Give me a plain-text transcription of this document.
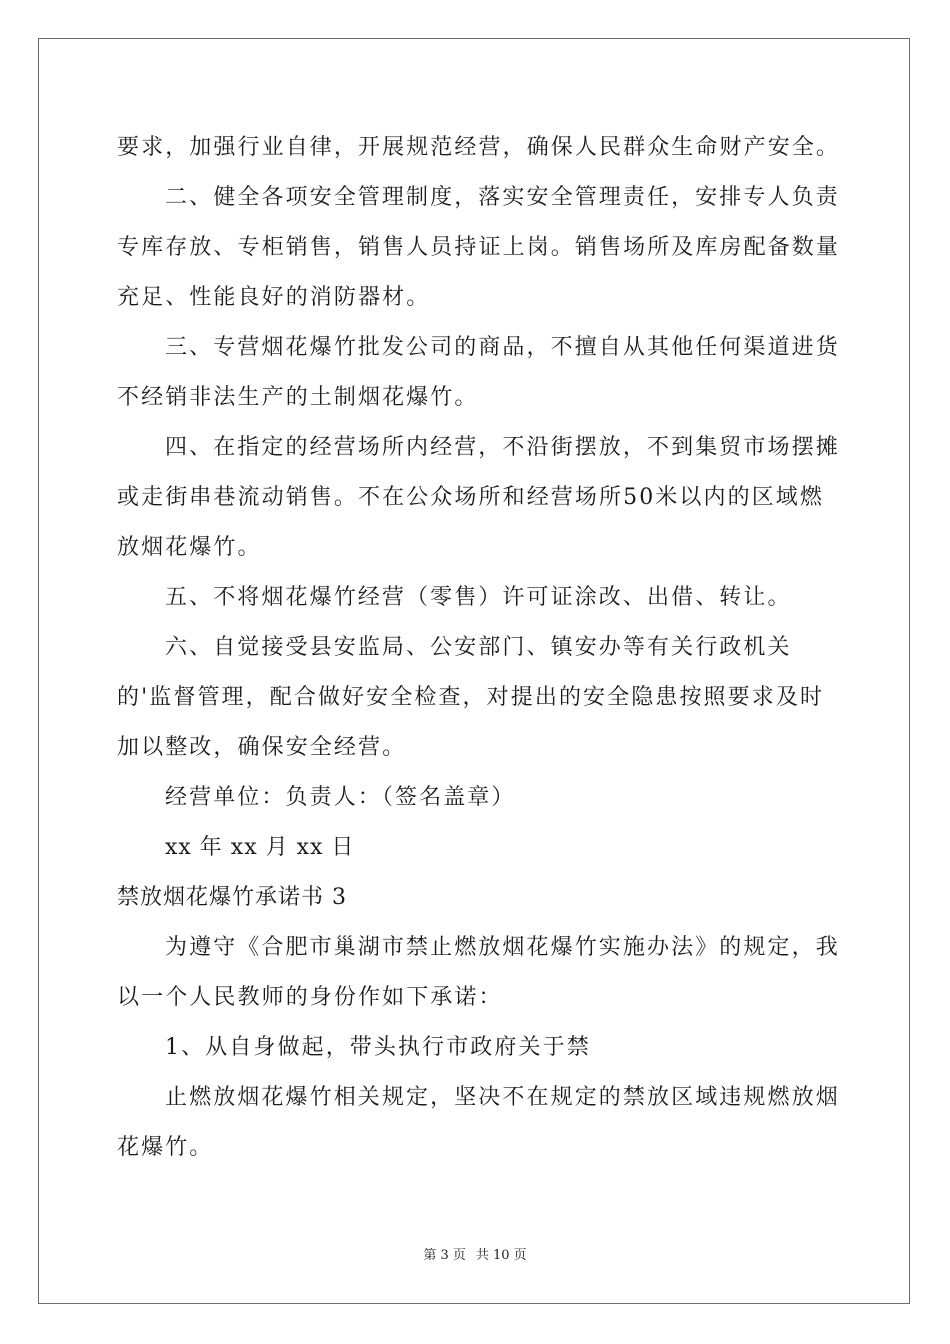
要求，加强行业自律，开展规范经营，确保人民群众生命财产安全。
二、健全各项安全管理制度，落实安全管理责任，安排专人负责
专库存放、专柜销售，销售人员持证上岗。销售场所及库房配备数量
充足、性能良好的消防器材。
三、专营烟花爆竹批发公司的商品，不擅自从其他任何渠道进货
不经销非法生产的土制烟花爆竹。
四、在指定的经营场所内经营，不沿街摆放，不到集贸市场摆摊
或走街串巷流动销售。不在公众场所和经营场所50米以内的区域燃
放烟花爆竹。
五、不将烟花爆竹经营（零售）许可证涂改、出借、转让。
六、自觉接受县安监局、公安部门、镇安办等有关行政机关
的'监督管理，配合做好安全检查，对提出的安全隐患按照要求及时
加以整改，确保安全经营。
经营单位：负责人：（签名盖章）
xx 年 xx 月 xx 日
禁放烟花爆竹承诺书 3
为遵守《合肥市巢湖市禁止燃放烟花爆竹实施办法》的规定，我
以一个人民教师的身份作如下承诺：
1、从自身做起，带头执行市政府关于禁
止燃放烟花爆竹相关规定，坚决不在规定的禁放区域违规燃放烟
花爆竹。
第 3 页 共 10 页
